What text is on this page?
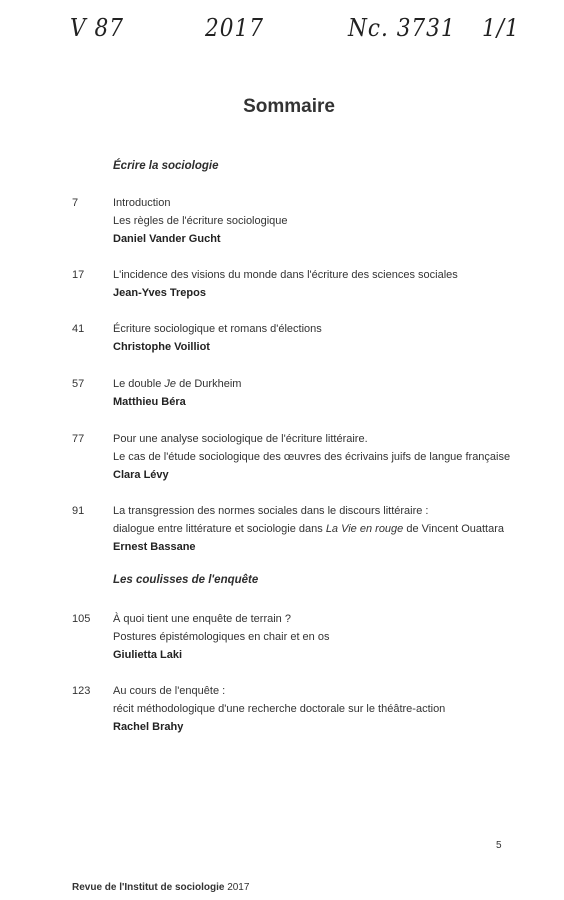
V 87	2017	Nc. 3731 1/1
Sommaire
Écrire la sociologie
7	Introduction
Les règles de l'écriture sociologique
Daniel Vander Gucht
17	L'incidence des visions du monde dans l'écriture des sciences sociales
Jean-Yves Trepos
41	Écriture sociologique et romans d'élections
Christophe Voilliot
57	Le double Je de Durkheim
Matthieu Béra
77	Pour une analyse sociologique de l'écriture littéraire.
Le cas de l'étude sociologique des œuvres des écrivains juifs de langue française
Clara Lévy
91	La transgression des normes sociales dans le discours littéraire :
dialogue entre littérature et sociologie dans La Vie en rouge de Vincent Ouattara
Ernest Bassane
Les coulisses de l'enquête
105 À quoi tient une enquête de terrain ?
Postures épistémologiques en chair et en os
Giulietta Laki
123 Au cours de l'enquête :
récit méthodologique d'une recherche doctorale sur le théâtre-action
Rachel Brahy
5
Revue de l'Institut de sociologie 2017
